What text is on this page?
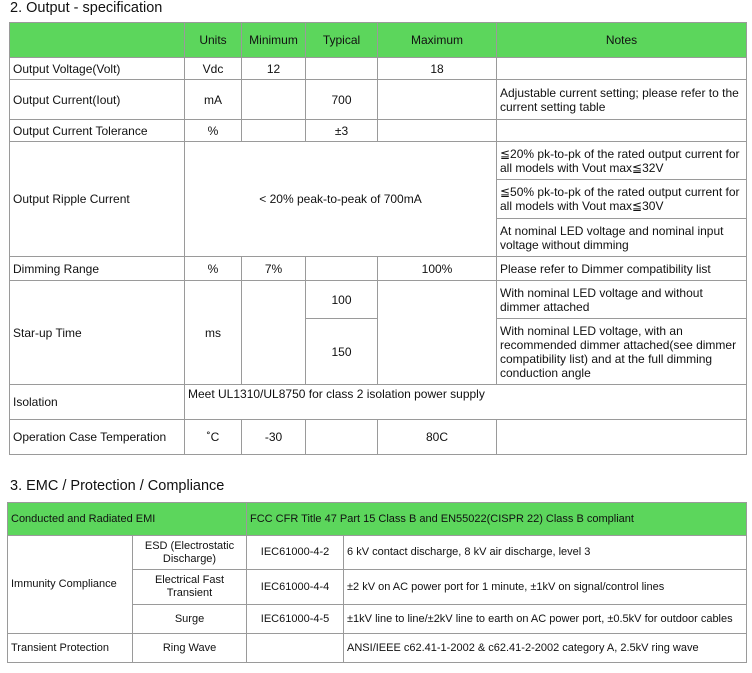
2. Output - specification
	Units	Minimum	Typical	Maximum	Notes
Output Voltage(Volt)	Vdc	12		18	
Output Current(Iout)	mA		700		Adjustable current setting; please refer to the current setting table
Output Current Tolerance	%		±3		
Output Ripple Current	< 20% peak-to-peak of 700mA				≦20% pk-to-pk of the rated output current for all models with Vout max≦32V
					≦50% pk-to-pk of the rated output current for all models with Vout max≦30V
					At nominal LED voltage and nominal input voltage without dimming
Dimming Range	%	7%		100%	Please refer to Dimmer compatibility list
Star-up Time	ms		100		With nominal LED voltage and without dimmer attached
			150		With nominal LED voltage, with an recommended dimmer attached(see dimmer compatibility list) and at the full dimming conduction angle
Isolation	Meet UL1310/UL8750 for class 2 isolation power supply				
Operation Case Temperation	˚C	-30		80C	
3. EMC / Protection / Compliance
Conducted and Radiated EMI		FCC CFR Title 47 Part 15 Class B and EN55022(CISPR 22) Class B compliant	
Immunity Compliance	ESD (Electrostatic Discharge)	IEC61000-4-2	6 kV contact discharge, 8 kV air discharge, level 3
	Electrical Fast Transient	IEC61000-4-4	±2 kV on AC power port for 1 minute, ±1kV on signal/control lines
	Surge	IEC61000-4-5	±1kV line to line/±2kV line to earth on AC power port, ±0.5kV for outdoor cables
Transient Protection	Ring Wave		ANSI/IEEE c62.41-1-2002 & c62.41-2-2002 category A, 2.5kV ring wave
